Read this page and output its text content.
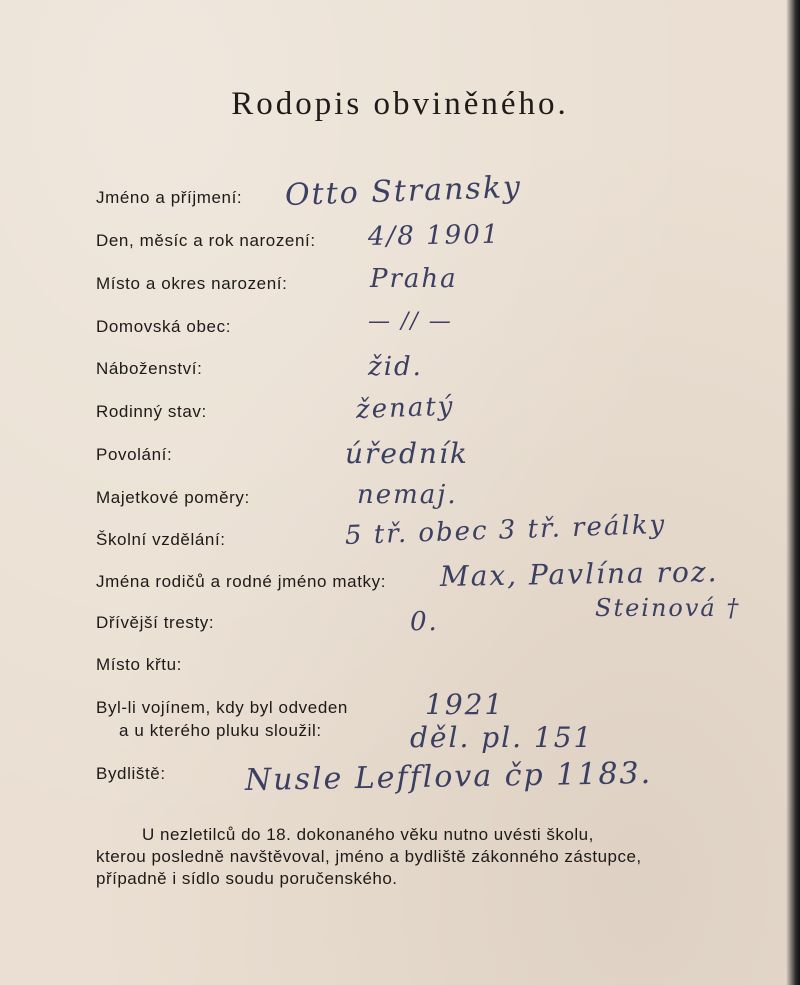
Rodopis obviněného.
Jméno a příjmení:
Den, měsíc a rok narození:
Místo a okres narození:
Domovská obec:
Náboženství:
Rodinný stav:
Povolání:
Majetkové poměry:
Školní vzdělání:
Jména rodičů a rodné jméno matky:
Dřívější tresty:
Místo křtu:
Byl-li vojínem, kdy byl odveden
a u kterého pluku sloužil:
Bydliště:
Otto Stransky
4/8 1901
Praha
— // —
žid.
ženatý
úředník
nemaj.
5 tř. obec 3 tř. reálky
Max, Pavlína roz.
Steinová †
0.
1921
děl. pl. 151
Nusle Lefflova čp 1183.

U nezletilců do 18. dokonaného věku nutno uvésti školu,

kterou posledně navštěvoval, jméno a bydliště zákonného zástupce,

případně i sídlo soudu poručenského.
